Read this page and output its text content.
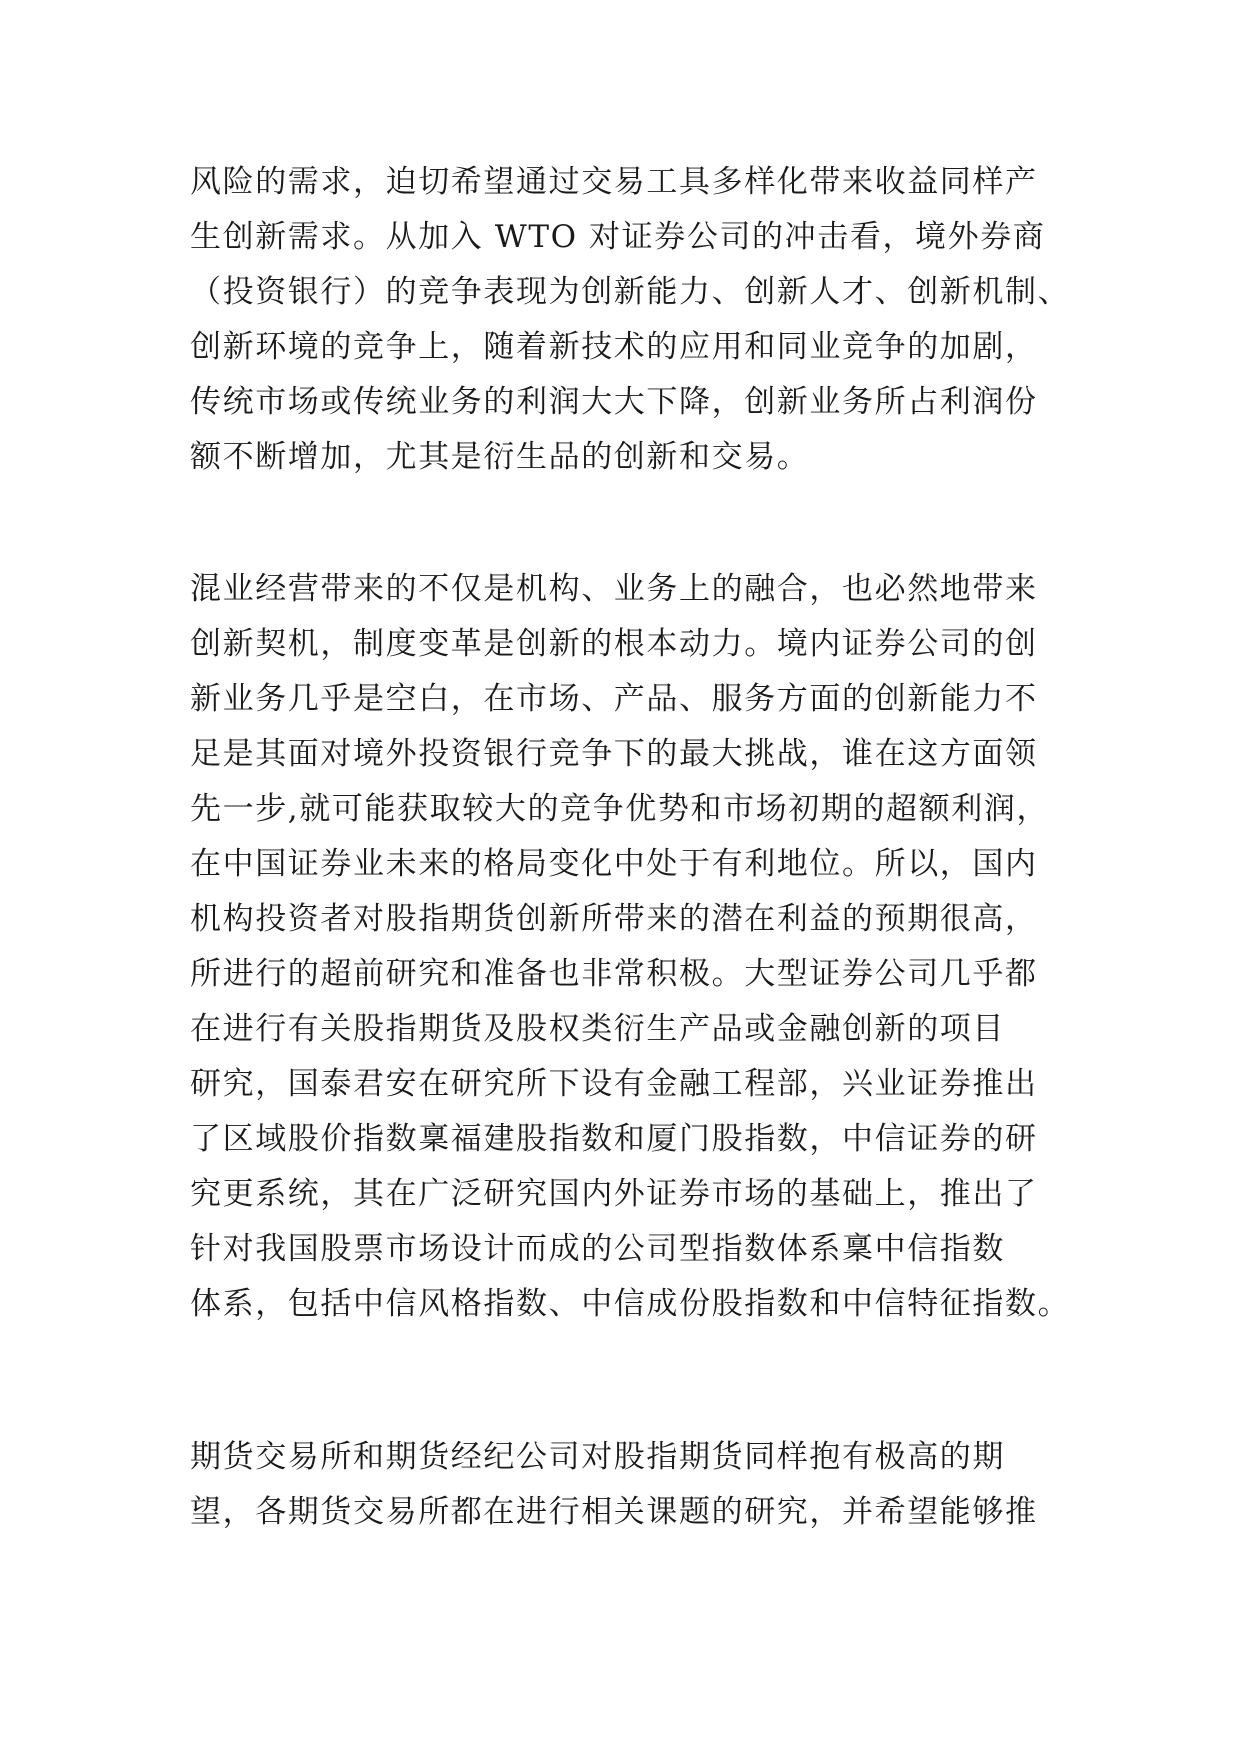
风险的需求，迫切希望通过交易工具多样化带来收益同样产
生创新需求。从加入 WTO 对证券公司的冲击看，境外券商
（投资银行）的竞争表现为创新能力、创新人才、创新机制、
创新环境的竞争上，随着新技术的应用和同业竞争的加剧，
传统市场或传统业务的利润大大下降，创新业务所占利润份
额不断增加，尤其是衍生品的创新和交易。
混业经营带来的不仅是机构、业务上的融合，也必然地带来
创新契机，制度变革是创新的根本动力。境内证券公司的创
新业务几乎是空白，在市场、产品、服务方面的创新能力不
足是其面对境外投资银行竞争下的最大挑战，谁在这方面领
先一步,就可能获取较大的竞争优势和市场初期的超额利润，
在中国证券业未来的格局变化中处于有利地位。所以，国内
机构投资者对股指期货创新所带来的潜在利益的预期很高，
所进行的超前研究和准备也非常积极。大型证券公司几乎都
在进行有关股指期货及股权类衍生产品或金融创新的项目
研究，国泰君安在研究所下设有金融工程部，兴业证券推出
了区域股价指数稟福建股指数和厦门股指数，中信证券的研
究更系统，其在广泛研究国内外证券市场的基础上，推出了
针对我国股票市场设计而成的公司型指数体系稟中信指数
体系，包括中信风格指数、中信成份股指数和中信特征指数。
期货交易所和期货经纪公司对股指期货同样抱有极高的期
望，各期货交易所都在进行相关课题的研究，并希望能够推
